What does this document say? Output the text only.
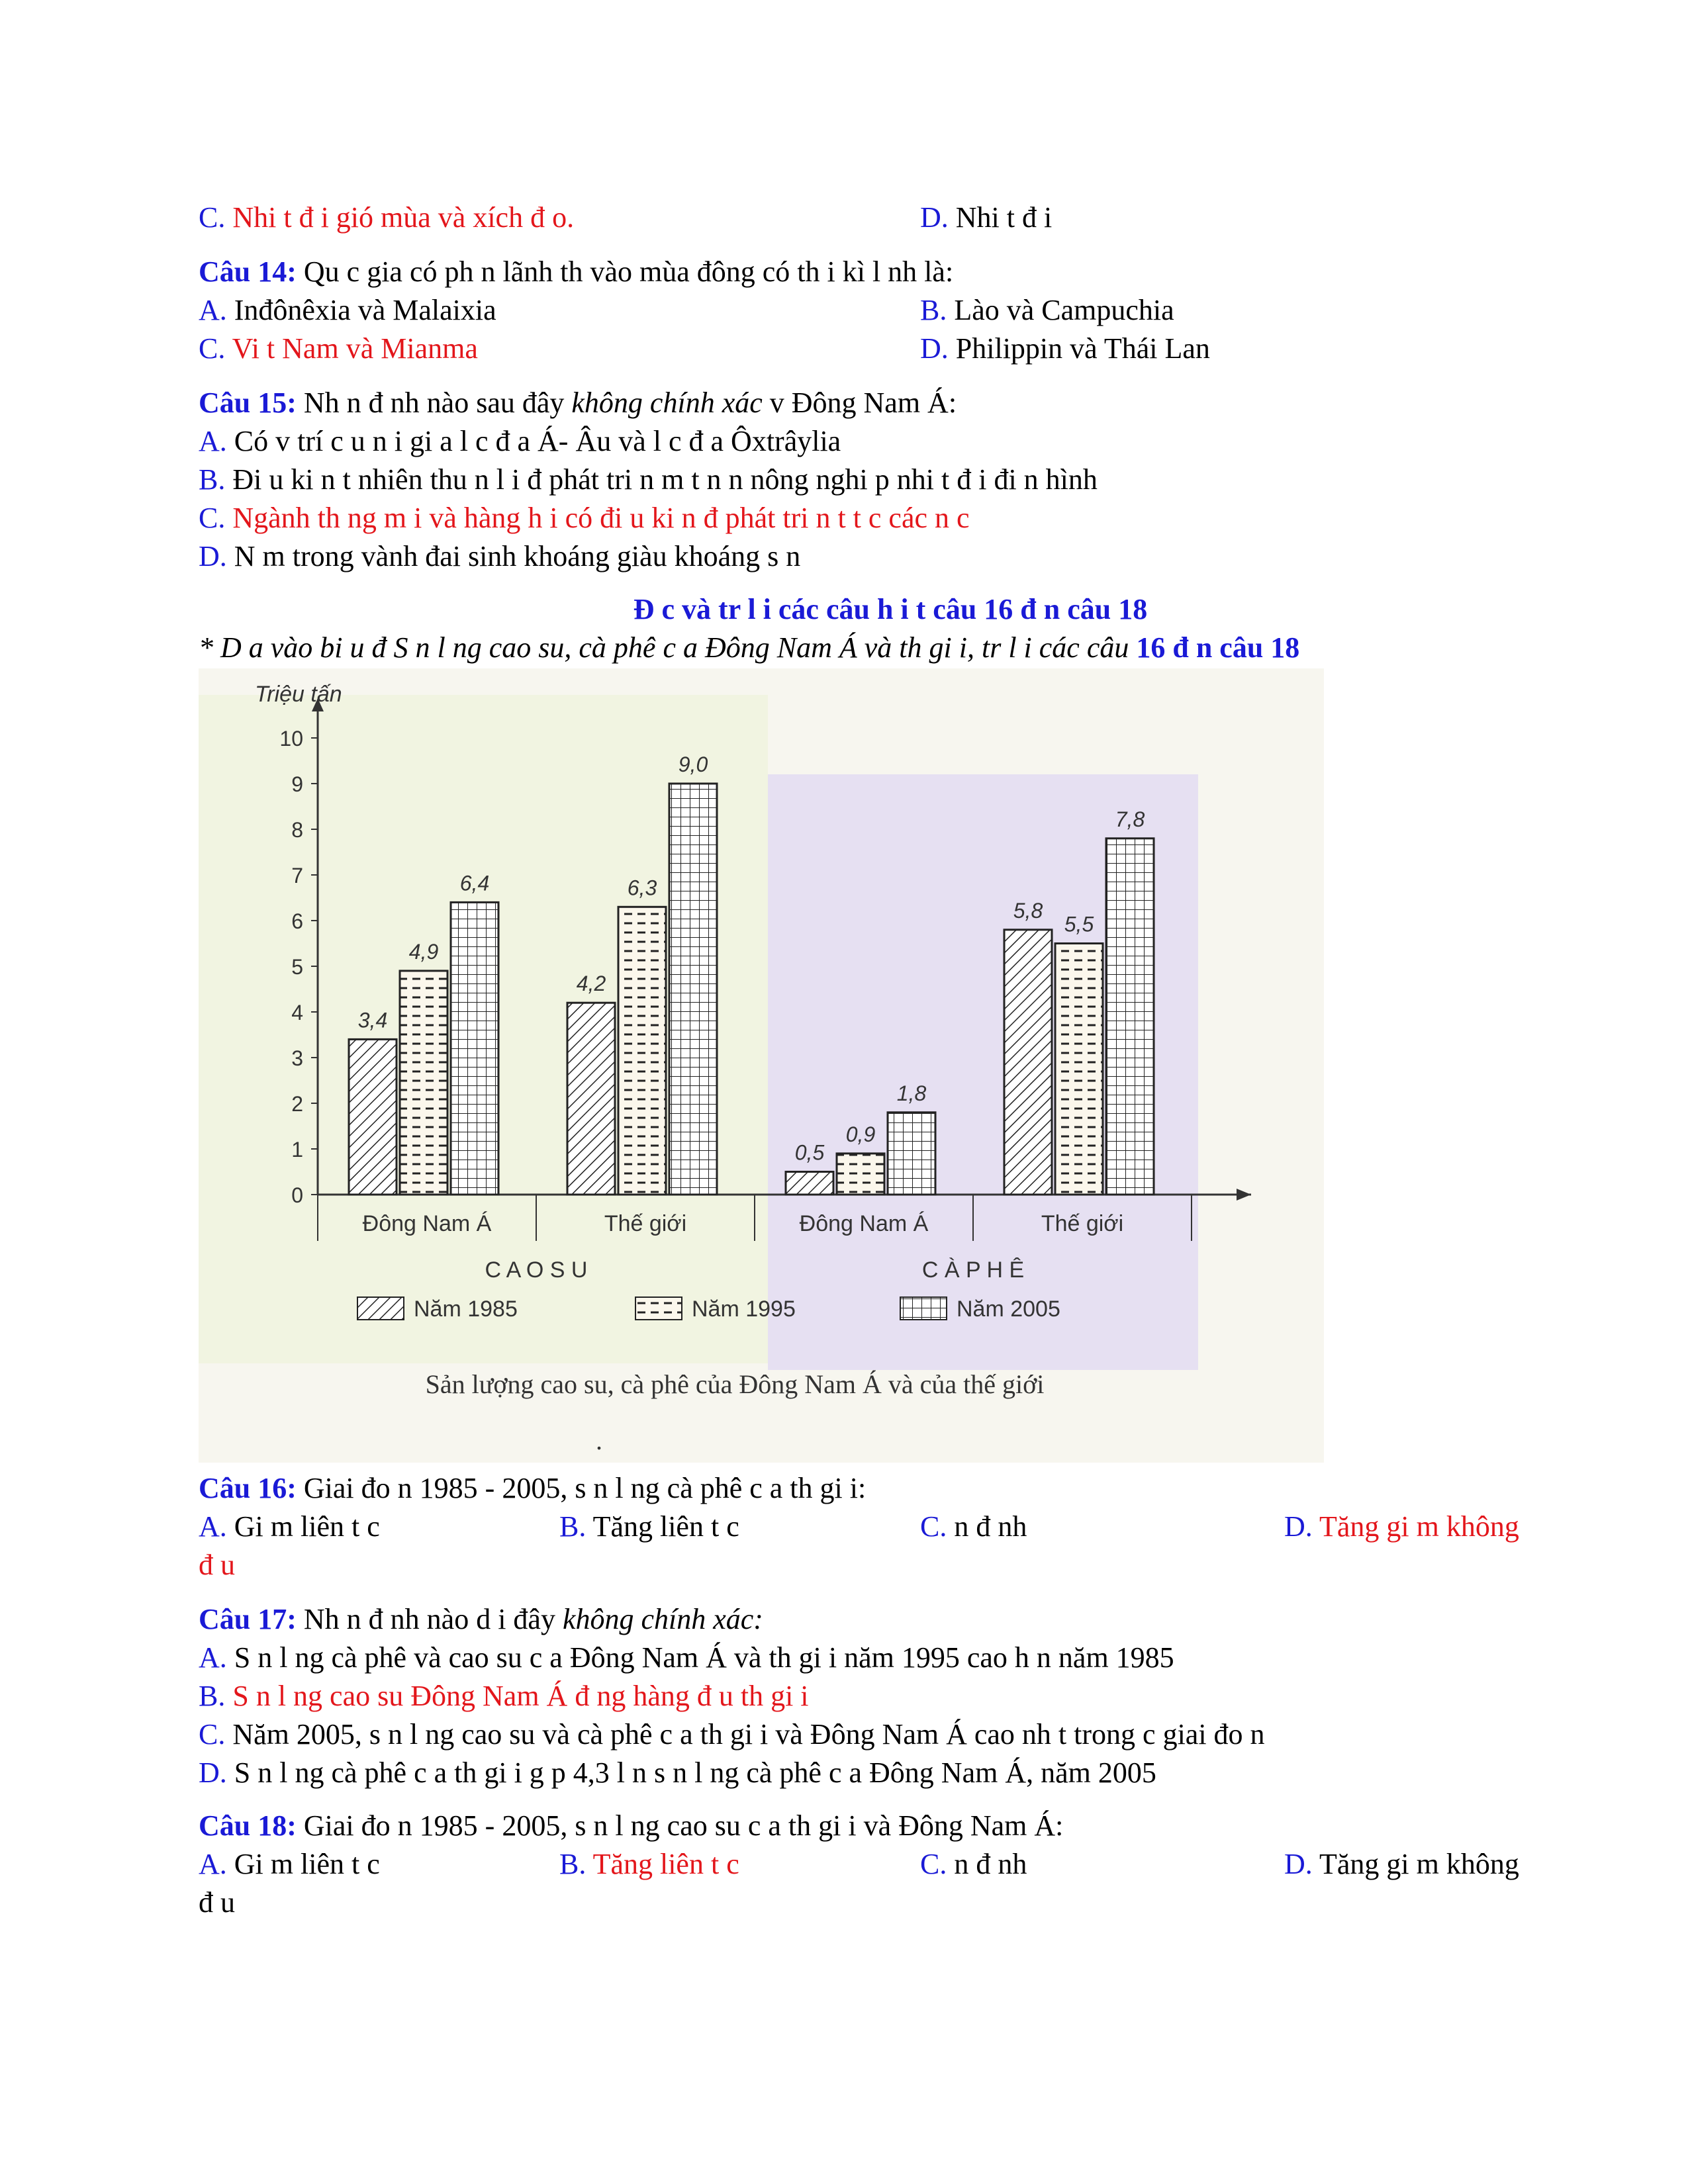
C. Nhi t đ i gió mùa và xích đ o.	D. Nhi t đ i
Câu 14: Qu c gia có ph n lãnh th vào mùa đông có th i kì l nh là:
A. Inđônêxia và Malaixia	B. Lào và Campuchia
C. Vi t Nam và Mianma	D. Philippin và Thái Lan
Câu 15: Nh n đ nh nào sau đây không chính xác v Đông Nam Á:
A. Có v trí c u n i gi a l c đ a Á- Âu và l c đ a Ôxtrâylia
B. Đi u ki n t nhiên thu n l i đ phát tri n m t n n nông nghi p nhi t đ i đi n hình
C. Ngành th ng m i và hàng h i có đi u ki n đ phát tri n t t c các n c
D. N m trong vành đai sinh khoáng giàu khoáng s n
Đ c và tr l i các câu h i t câu 16 đ n câu 18
* D a vào bi u đ S n l ng cao su, cà phê c a Đông Nam Á và th gi i, tr l i các câu 16 đ n câu 18
Triệu tấn
0
1
2
3
4
5
6
7
8
9
10
3,4
4,9
6,4
Đông Nam Á
4,2
6,3
9,0
Thế giới
0,5
0,9
1,8
Đông Nam Á
5,8
5,5
7,8
Thế giới
C A O S U	C À P H Ê
Sản lượng cao su, cà phê của Đông Nam Á và của thế giới
.
Năm 1985	Năm 1995	Năm 2005
Câu 16: Giai đo n 1985 - 2005, s n l ng cà phê c a th gi i:
A. Gi m liên t c	B. Tăng liên t c	C. n đ nh	D. Tăng gi m không
đ u
Câu 17: Nh n đ nh nào d i đây không chính xác:
A. S n l ng cà phê và cao su c a Đông Nam Á và th gi i năm 1995 cao h n năm 1985
B. S n l ng cao su Đông Nam Á đ ng hàng đ u th gi i
C. Năm 2005, s n l ng cao su và cà phê c a th gi i và Đông Nam Á cao nh t trong c giai đo n
D. S n l ng cà phê c a th gi i g p 4,3 l n s n l ng cà phê c a Đông Nam Á, năm 2005
Câu 18: Giai đo n 1985 - 2005, s n l ng cao su c a th gi i và Đông Nam Á:
A. Gi m liên t c	B. Tăng liên t c	C. n đ nh	D. Tăng gi m không
đ u
